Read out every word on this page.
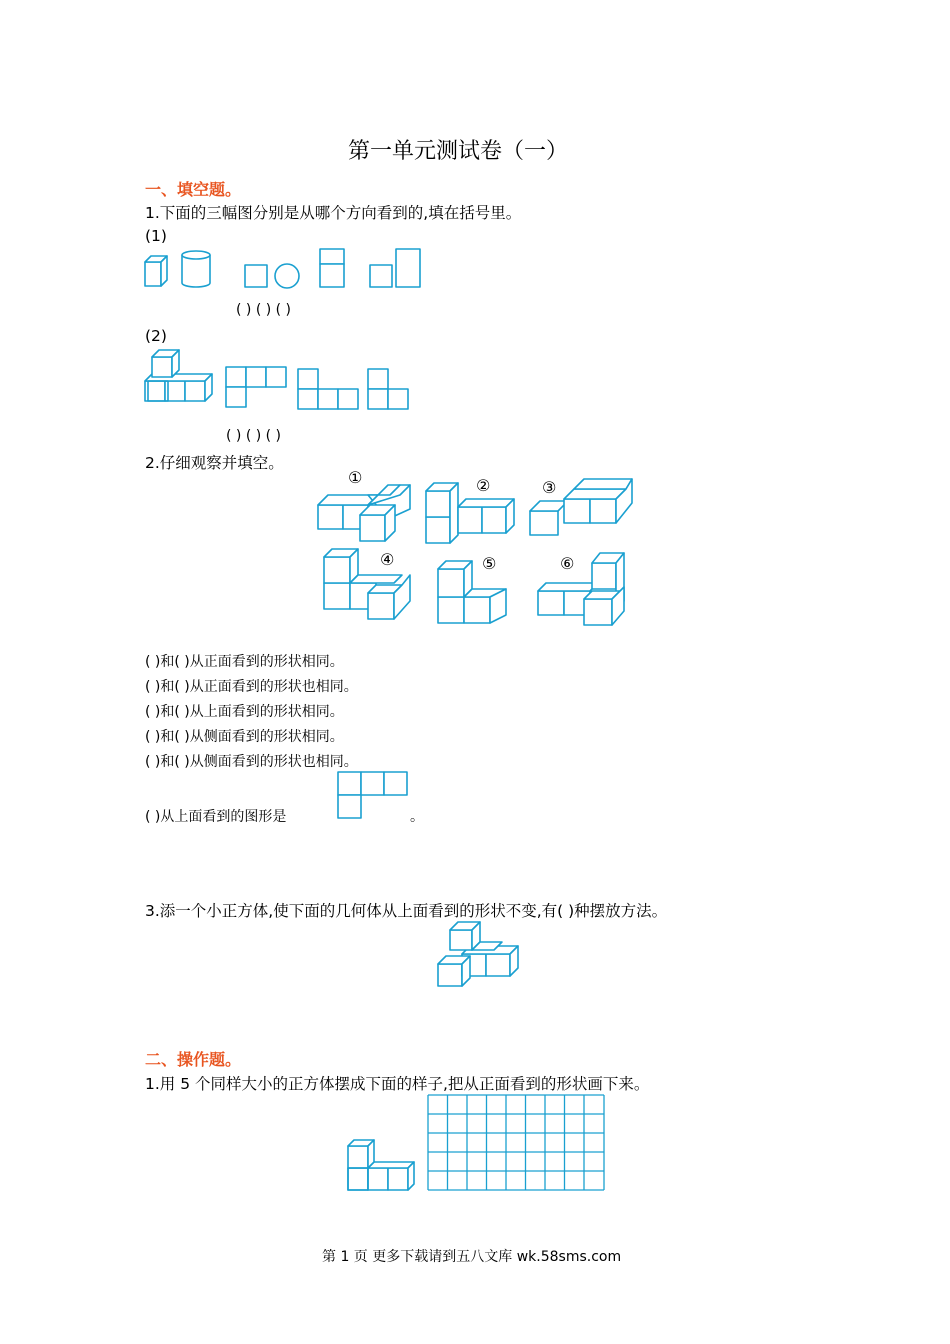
第一单元测试卷（一）
一、填空题。
1.下面的三幅图分别是从哪个方向看到的,填在括号里。
(1)
( ) ( ) ( )
(2)
( ) ( ) ( )
2.仔细观察并填空。
①	②	③
④	⑤	⑥
( )和( )从正面看到的形状相同。
( )和( )从正面看到的形状也相同。
( )和( )从上面看到的形状相同。
( )和( )从侧面看到的形状相同。
( )和( )从侧面看到的形状也相同。
( )从上面看到的图形是	。
3.添一个小正方体,使下面的几何体从上面看到的形状不变,有( )种摆放方法。
二、操作题。
1.用 5 个同样大小的正方体摆成下面的样子,把从正面看到的形状画下来。
第 1 页 更多下载请到五八文库 wk.58sms.com
